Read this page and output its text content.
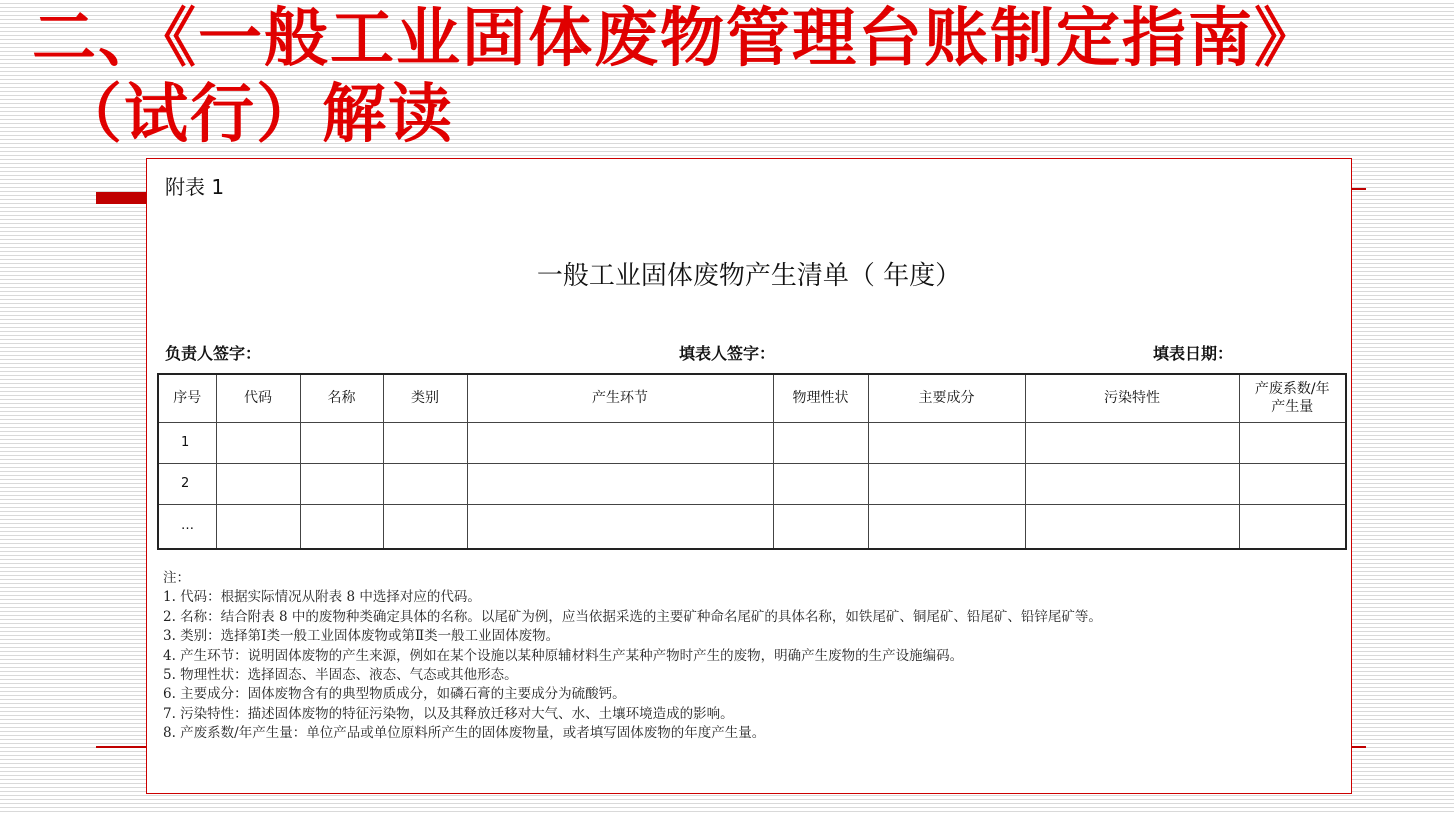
二、《一般工业固体废物管理台账制定指南》
（试行）解读
附表 1
一般工业固体废物产生清单（ 年度）
负责人签字：	填表人签字：	填表日期：
序号	代码	名称	类别	产生环节	物理性状	主要成分	污染特性	产废系数/年产生量
1								
2								
…								
注：
1. 代码：根据实际情况从附表 8 中选择对应的代码。
2. 名称：结合附表 8 中的废物种类确定具体的名称。以尾矿为例，应当依据采选的主要矿种命名尾矿的具体名称，如铁尾矿、铜尾矿、铅尾矿、铅锌尾矿等。
3. 类别：选择第Ⅰ类一般工业固体废物或第Ⅱ类一般工业固体废物。
4. 产生环节：说明固体废物的产生来源，例如在某个设施以某种原辅材料生产某种产物时产生的废物，明确产生废物的生产设施编码。
5. 物理性状：选择固态、半固态、液态、气态或其他形态。
6. 主要成分：固体废物含有的典型物质成分，如磷石膏的主要成分为硫酸钙。
7. 污染特性：描述固体废物的特征污染物，以及其释放迁移对大气、水、土壤环境造成的影响。
8. 产废系数/年产生量：单位产品或单位原料所产生的固体废物量，或者填写固体废物的年度产生量。
